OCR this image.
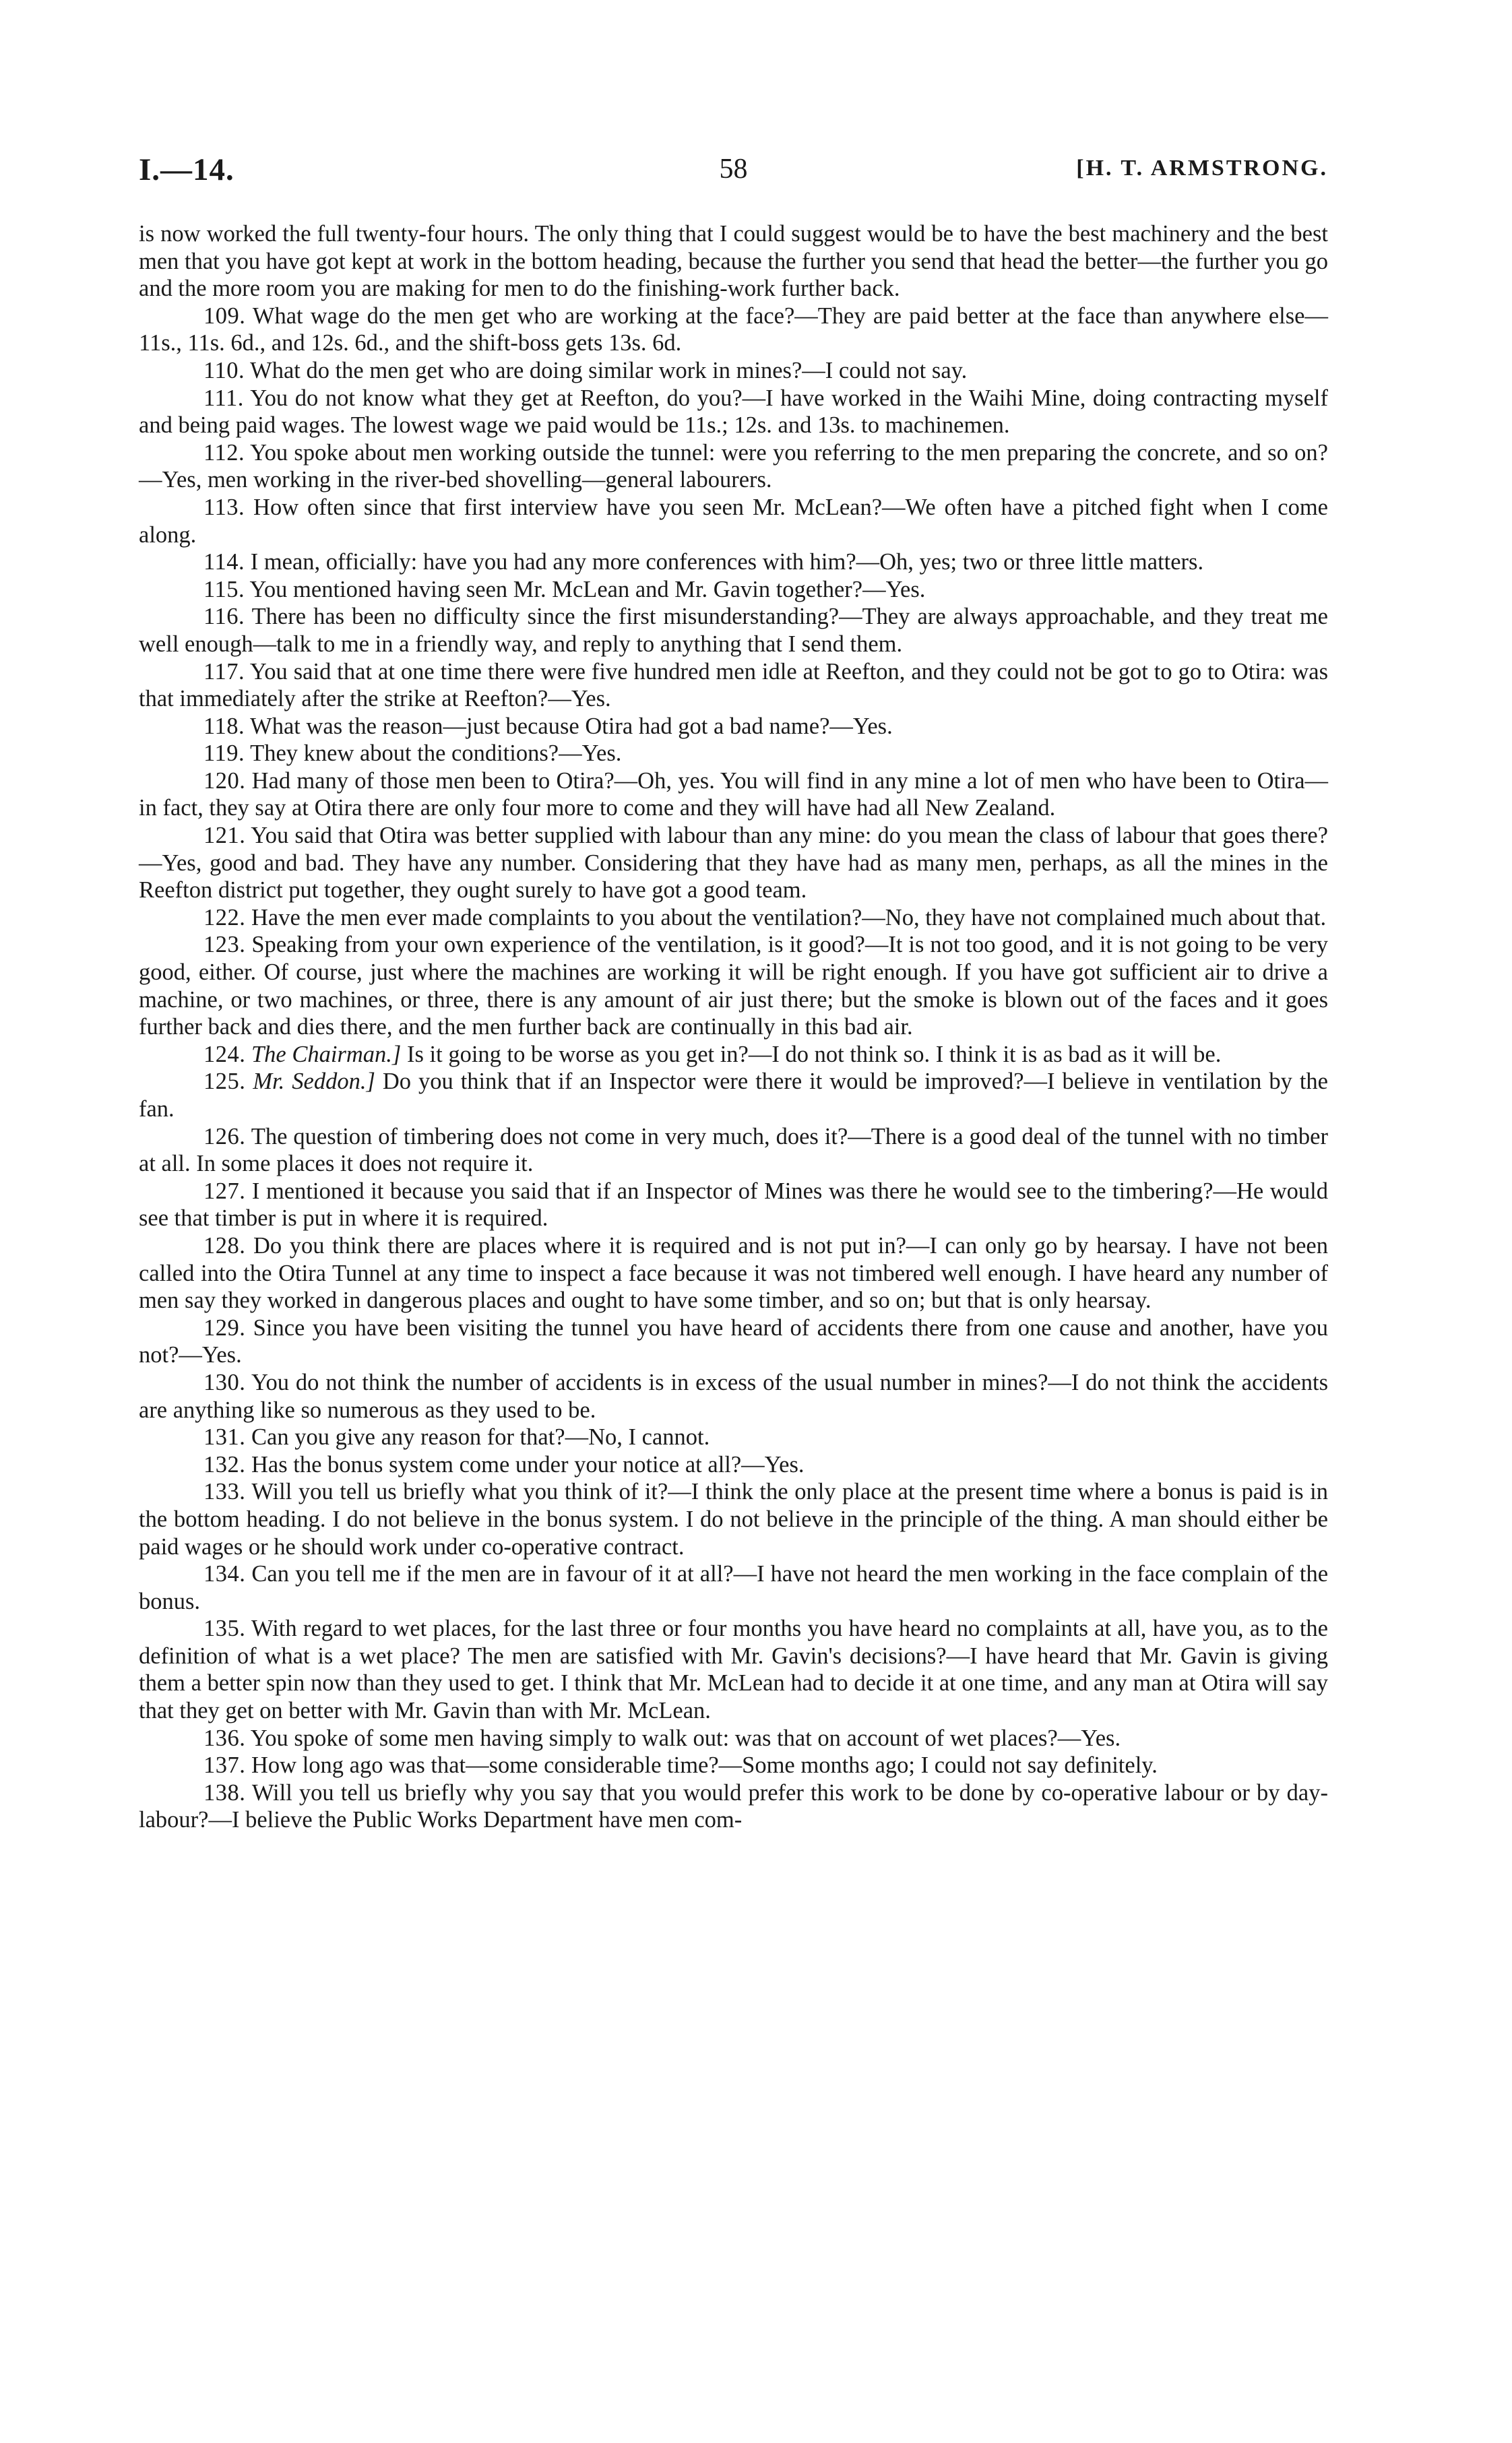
I.—14.	58	[H. T. ARMSTRONG.

is now worked the full twenty-four hours. The only thing that I could suggest would be to have the best machinery and the best men that you have got kept at work in the bottom heading, because the further you send that head the better—the further you go and the more room you are making for men to do the finishing-work further back.

109. What wage do the men get who are working at the face?—They are paid better at the face than anywhere else—11s., 11s. 6d., and 12s. 6d., and the shift-boss gets 13s. 6d.

110. What do the men get who are doing similar work in mines?—I could not say.

111. You do not know what they get at Reefton, do you?—I have worked in the Waihi Mine, doing contracting myself and being paid wages. The lowest wage we paid would be 11s.; 12s. and 13s. to machinemen.

112. You spoke about men working outside the tunnel: were you referring to the men preparing the concrete, and so on?—Yes, men working in the river-bed shovelling—general labourers.

113. How often since that first interview have you seen Mr. McLean?—We often have a pitched fight when I come along.

114. I mean, officially: have you had any more conferences with him?—Oh, yes; two or three little matters.

115. You mentioned having seen Mr. McLean and Mr. Gavin together?—Yes.

116. There has been no difficulty since the first misunderstanding?—They are always approachable, and they treat me well enough—talk to me in a friendly way, and reply to anything that I send them.

117. You said that at one time there were five hundred men idle at Reefton, and they could not be got to go to Otira: was that immediately after the strike at Reefton?—Yes.

118. What was the reason—just because Otira had got a bad name?—Yes.

119. They knew about the conditions?—Yes.

120. Had many of those men been to Otira?—Oh, yes. You will find in any mine a lot of men who have been to Otira—in fact, they say at Otira there are only four more to come and they will have had all New Zealand.

121. You said that Otira was better supplied with labour than any mine: do you mean the class of labour that goes there?—Yes, good and bad. They have any number. Considering that they have had as many men, perhaps, as all the mines in the Reefton district put together, they ought surely to have got a good team.

122. Have the men ever made complaints to you about the ventilation?—No, they have not complained much about that.

123. Speaking from your own experience of the ventilation, is it good?—It is not too good, and it is not going to be very good, either. Of course, just where the machines are working it will be right enough. If you have got sufficient air to drive a machine, or two machines, or three, there is any amount of air just there; but the smoke is blown out of the faces and it goes further back and dies there, and the men further back are continually in this bad air.

124. The Chairman.] Is it going to be worse as you get in?—I do not think so. I think it is as bad as it will be.

125. Mr. Seddon.] Do you think that if an Inspector were there it would be improved?—I believe in ventilation by the fan.

126. The question of timbering does not come in very much, does it?—There is a good deal of the tunnel with no timber at all. In some places it does not require it.

127. I mentioned it because you said that if an Inspector of Mines was there he would see to the timbering?—He would see that timber is put in where it is required.

128. Do you think there are places where it is required and is not put in?—I can only go by hearsay. I have not been called into the Otira Tunnel at any time to inspect a face because it was not timbered well enough. I have heard any number of men say they worked in dangerous places and ought to have some timber, and so on; but that is only hearsay.

129. Since you have been visiting the tunnel you have heard of accidents there from one cause and another, have you not?—Yes.

130. You do not think the number of accidents is in excess of the usual number in mines?—I do not think the accidents are anything like so numerous as they used to be.

131. Can you give any reason for that?—No, I cannot.

132. Has the bonus system come under your notice at all?—Yes.

133. Will you tell us briefly what you think of it?—I think the only place at the present time where a bonus is paid is in the bottom heading. I do not believe in the bonus system. I do not believe in the principle of the thing. A man should either be paid wages or he should work under co-operative contract.

134. Can you tell me if the men are in favour of it at all?—I have not heard the men working in the face complain of the bonus.

135. With regard to wet places, for the last three or four months you have heard no complaints at all, have you, as to the definition of what is a wet place? The men are satisfied with Mr. Gavin's decisions?—I have heard that Mr. Gavin is giving them a better spin now than they used to get. I think that Mr. McLean had to decide it at one time, and any man at Otira will say that they get on better with Mr. Gavin than with Mr. McLean.

136. You spoke of some men having simply to walk out: was that on account of wet places?—Yes.

137. How long ago was that—some considerable time?—Some months ago; I could not say definitely.

138. Will you tell us briefly why you say that you would prefer this work to be done by co-operative labour or by day-labour?—I believe the Public Works Department have men com-
